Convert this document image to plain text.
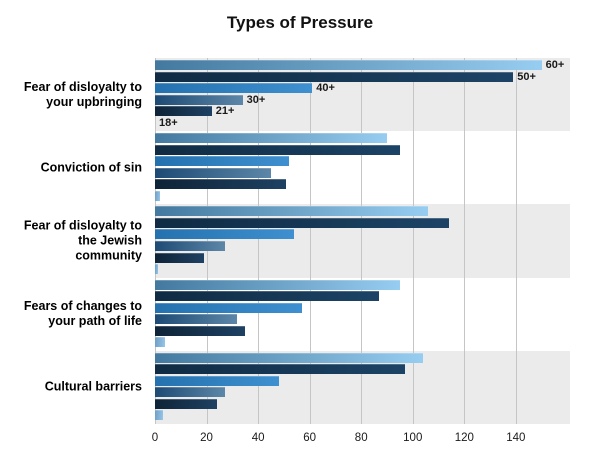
Types of Pressure
Fear of disloyalty to
your upbringing
Conviction of sin
Fear of disloyalty to
the Jewish
community
Fears of changes to
your path of life
Cultural barriers
60+
50+
40+
30+
21+
18+
0	20	40	60	80	100	120	140
